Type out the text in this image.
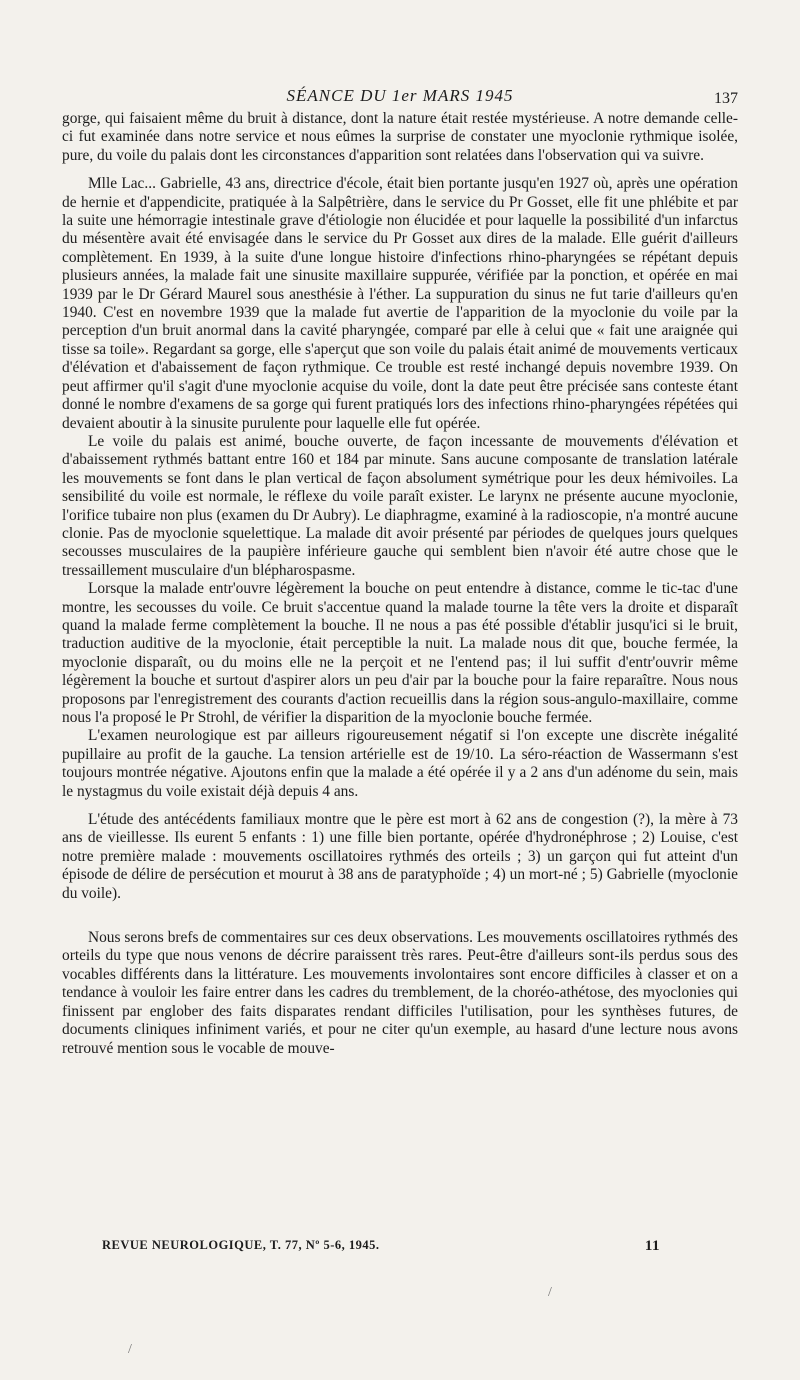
SÉANCE DU 1er MARS 1945	137

gorge, qui faisaient même du bruit à distance, dont la nature était restée mystérieuse. A notre demande celle-ci fut examinée dans notre service et nous eûmes la surprise de constater une myoclonie rythmique isolée, pure, du voile du palais dont les circonstances d'apparition sont relatées dans l'observation qui va suivre.

Mlle Lac... Gabrielle, 43 ans, directrice d'école, était bien portante jusqu'en 1927 où, après une opération de hernie et d'appendicite, pratiquée à la Salpêtrière, dans le service du Pr Gosset, elle fit une phlébite et par la suite une hémorragie intestinale grave d'étiologie non élucidée et pour laquelle la possibilité d'un infarctus du mésentère avait été envisagée dans le service du Pr Gosset aux dires de la malade. Elle guérit d'ailleurs complètement. En 1939, à la suite d'une longue histoire d'infections rhino-pharyngées se répétant depuis plusieurs années, la malade fait une sinusite maxillaire suppurée, vérifiée par la ponction, et opérée en mai 1939 par le Dr Gérard Maurel sous anesthésie à l'éther. La suppuration du sinus ne fut tarie d'ailleurs qu'en 1940. C'est en novembre 1939 que la malade fut avertie de l'apparition de la myoclonie du voile par la perception d'un bruit anormal dans la cavité pharyngée, comparé par elle à celui que « fait une araignée qui tisse sa toile». Regardant sa gorge, elle s'aperçut que son voile du palais était animé de mouvements verticaux d'élévation et d'abaissement de façon rythmique. Ce trouble est resté inchangé depuis novembre 1939. On peut affirmer qu'il s'agit d'une myoclonie acquise du voile, dont la date peut être précisée sans conteste étant donné le nombre d'examens de sa gorge qui furent pratiqués lors des infections rhino-pharyngées répétées qui devaient aboutir à la sinusite purulente pour laquelle elle fut opérée.

Le voile du palais est animé, bouche ouverte, de façon incessante de mouvements d'élévation et d'abaissement rythmés battant entre 160 et 184 par minute. Sans aucune composante de translation latérale les mouvements se font dans le plan vertical de façon absolument symétrique pour les deux hémivoiles. La sensibilité du voile est normale, le réflexe du voile paraît exister. Le larynx ne présente aucune myoclonie, l'orifice tubaire non plus (examen du Dr Aubry). Le diaphragme, examiné à la radioscopie, n'a montré aucune clonie. Pas de myoclonie squelettique. La malade dit avoir présenté par périodes de quelques jours quelques secousses musculaires de la paupière inférieure gauche qui semblent bien n'avoir été autre chose que le tressaillement musculaire d'un blépharospasme.

Lorsque la malade entr'ouvre légèrement la bouche on peut entendre à distance, comme le tic-tac d'une montre, les secousses du voile. Ce bruit s'accentue quand la malade tourne la tête vers la droite et disparaît quand la malade ferme complètement la bouche. Il ne nous a pas été possible d'établir jusqu'ici si le bruit, traduction auditive de la myoclonie, était perceptible la nuit. La malade nous dit que, bouche fermée, la myoclonie disparaît, ou du moins elle ne la perçoit et ne l'entend pas; il lui suffit d'entr'ouvrir même légèrement la bouche et surtout d'aspirer alors un peu d'air par la bouche pour la faire reparaître. Nous nous proposons par l'enregistrement des courants d'action recueillis dans la région sous-angulo-maxillaire, comme nous l'a proposé le Pr Strohl, de vérifier la disparition de la myoclonie bouche fermée.

L'examen neurologique est par ailleurs rigoureusement négatif si l'on excepte une discrète inégalité pupillaire au profit de la gauche. La tension artérielle est de 19/10. La séro-réaction de Wassermann s'est toujours montrée négative. Ajoutons enfin que la malade a été opérée il y a 2 ans d'un adénome du sein, mais le nystagmus du voile existait déjà depuis 4 ans.

L'étude des antécédents familiaux montre que le père est mort à 62 ans de congestion (?), la mère à 73 ans de vieillesse. Ils eurent 5 enfants : 1) une fille bien portante, opérée d'hydronéphrose ; 2) Louise, c'est notre première malade : mouvements oscillatoires rythmés des orteils ; 3) un garçon qui fut atteint d'un épisode de délire de persécution et mourut à 38 ans de paratyphoïde ; 4) un mort-né ; 5) Gabrielle (myoclonie du voile).

Nous serons brefs de commentaires sur ces deux observations. Les mouvements oscillatoires rythmés des orteils du type que nous venons de décrire paraissent très rares. Peut-être d'ailleurs sont-ils perdus sous des vocables différents dans la littérature. Les mouvements involontaires sont encore difficiles à classer et on a tendance à vouloir les faire entrer dans les cadres du tremblement, de la choréo-athétose, des myoclonies qui finissent par englober des faits disparates rendant difficiles l'utilisation, pour les synthèses futures, de documents cliniques infiniment variés, et pour ne citer qu'un exemple, au hasard d'une lecture nous avons retrouvé mention sous le vocable de mouve-

REVUE NEUROLOGIQUE, T. 77, Nº 5-6, 1945.	11
/
/
